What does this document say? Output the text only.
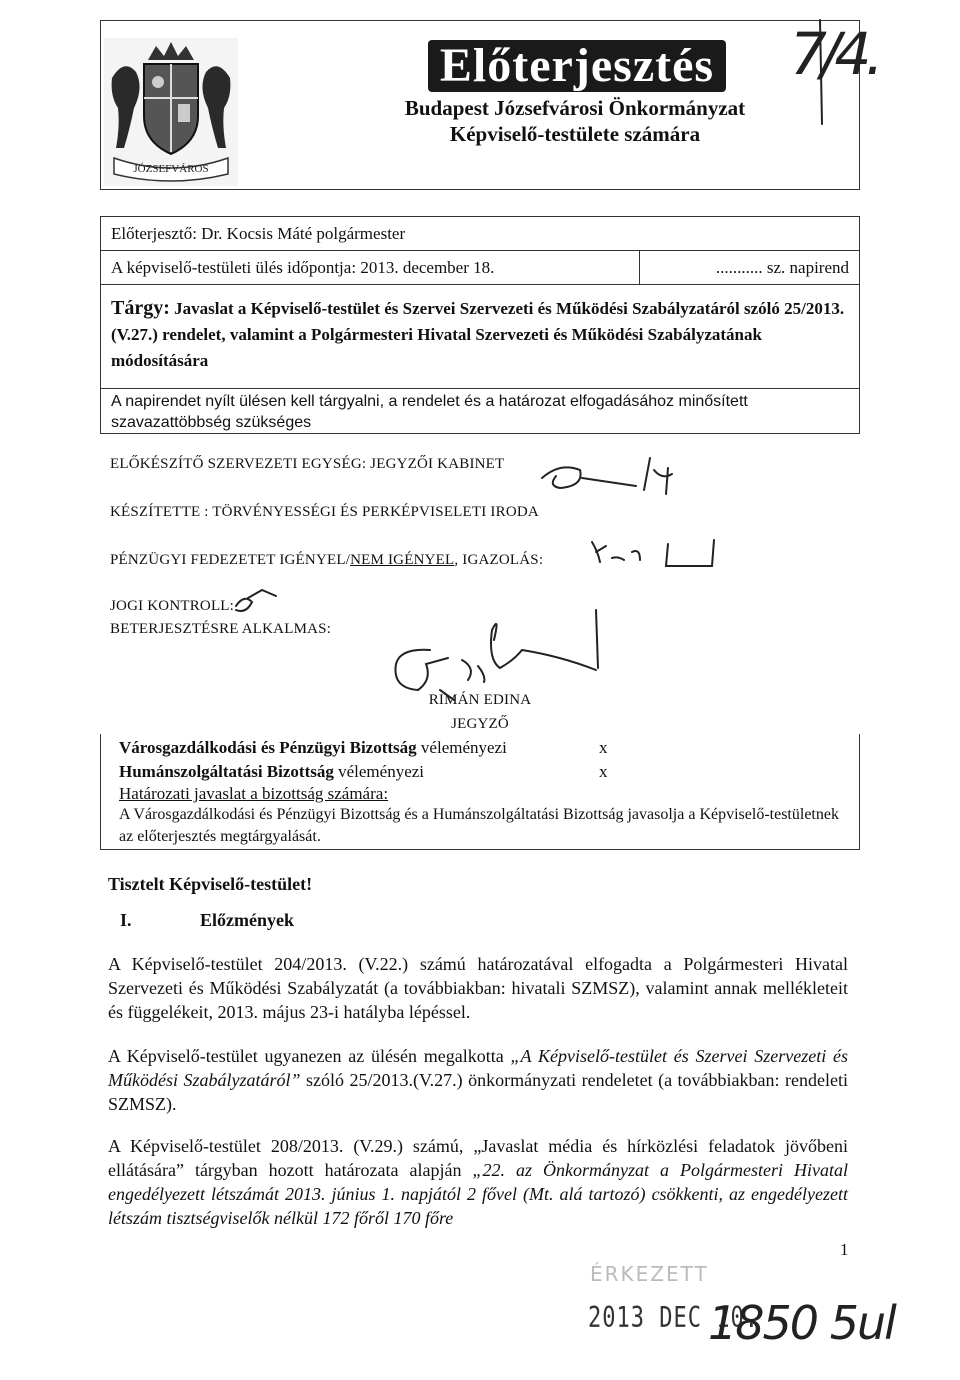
JÓZSEFVÁROS
Előterjesztés
Budapest Józsefvárosi Önkormányzat
Képviselő-testülete számára
7/4.
Előterjesztő: Dr. Kocsis Máté polgármester
A képviselő-testületi ülés időpontja: 2013. december 18.	........... sz. napirend
Tárgy: Javaslat a Képviselő-testület és Szervei Szervezeti és Működési Szabályzatáról szóló 25/2013. (V.27.) rendelet, valamint a Polgármesteri Hivatal Szervezeti és Működési Szabályzatának módosítására
A napirendet nyílt ülésen kell tárgyalni, a rendelet és a határozat elfogadásához minősített szavazattöbbség szükséges
ELŐKÉSZÍTŐ SZERVEZETI EGYSÉG: JEGYZŐI KABINET
KÉSZÍTETTE : TÖRVÉNYESSÉGI ÉS PERKÉPVISELETI IRODA
PÉNZÜGYI FEDEZETET IGÉNYEL/NEM IGÉNYEL, IGAZOLÁS:
JOGI KONTROLL:
BETERJESZTÉSRE ALKALMAS:
RIMÁN EDINA
JEGYZŐ
Városgazdálkodási és Pénzügyi Bizottság véleményezi	x
Humánszolgáltatási Bizottság véleményezi	x
Határozati javaslat a bizottság számára:
A Városgazdálkodási és Pénzügyi Bizottság és a Humánszolgáltatási Bizottság javasolja a Képviselő-testületnek az előterjesztés megtárgyalását.
Tisztelt Képviselő-testület!
I.	Előzmények
A Képviselő-testület 204/2013. (V.22.) számú határozatával elfogadta a Polgármesteri Hivatal Szervezeti és Működési Szabályzatát (a továbbiakban: hivatali SZMSZ), valamint annak mellékleteit és függelékeit, 2013. május 23-i hatályba lépéssel.
A Képviselő-testület ugyanezen az ülésén megalkotta „A Képviselő-testület és Szervei Szervezeti és Működési Szabályzatáról” szóló 25/2013.(V.27.) önkormányzati rendeletet (a továbbiakban: rendeleti SZMSZ).
A Képviselő-testület 208/2013. (V.29.) számú, „Javaslat média és hírközlési feladatok jövőbeni ellátására” tárgyban hozott határozata alapján „22. az Önkormányzat a Polgármesteri Hivatal engedélyezett létszámát 2013. június 1. napjától 2 fővel (Mt. alá tartozó) csökkenti, az engedélyezett létszám tisztségviselők nélkül 172 főről 170 főre
1
ÉRKEZETT
2013 DEC 10.
1850 5ul
